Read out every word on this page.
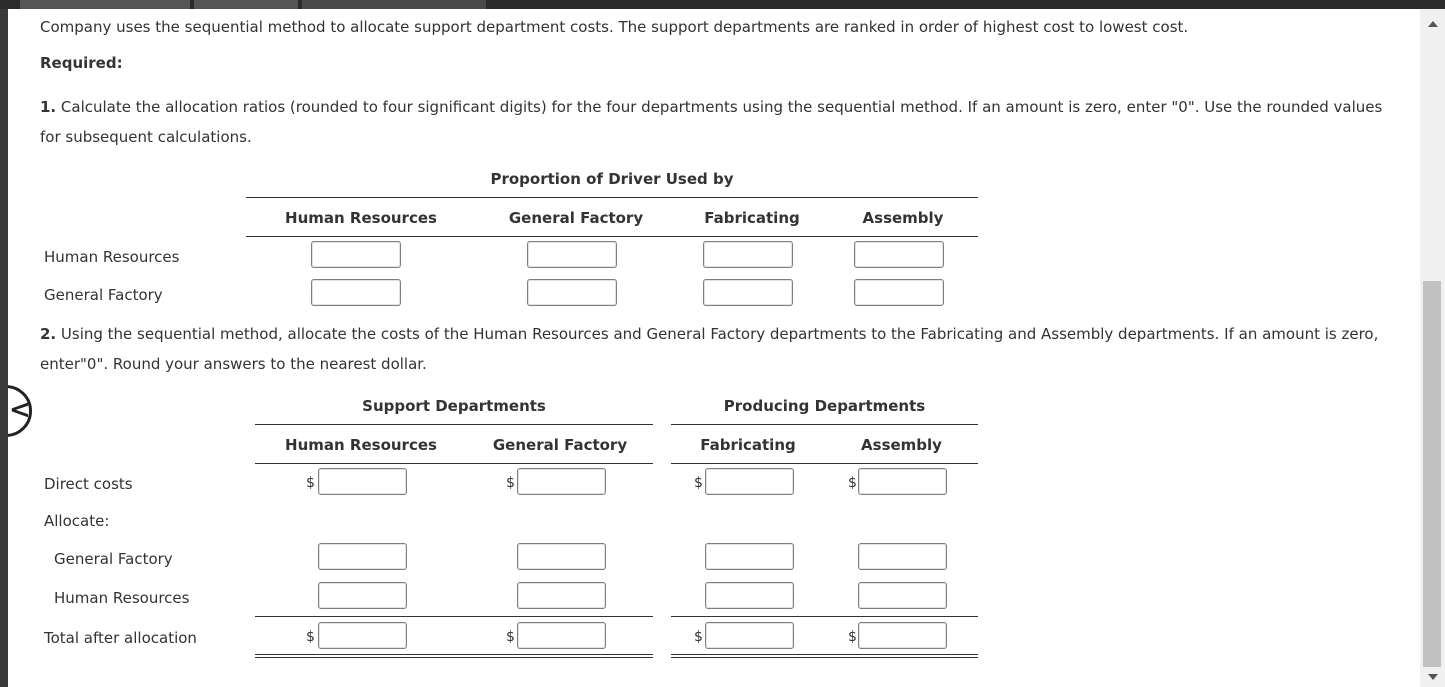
Company uses the sequential method to allocate support department costs. The support departments are ranked in order of highest cost to lowest cost.
Required:
1. Calculate the allocation ratios (rounded to four significant digits) for the four departments using the sequential method. If an amount is zero, enter "0". Use the rounded values
for subsequent calculations.
Proportion of Driver Used by
Human Resources	General Factory	Fabricating	Assembly
Human Resources
General Factory
2. Using the sequential method, allocate the costs of the Human Resources and General Factory departments to the Fabricating and Assembly departments. If an amount is zero,
enter"0". Round your answers to the nearest dollar.
Support Departments	Producing Departments
Human Resources	General Factory	Fabricating	Assembly
Direct costs	$	$	$	$
Allocate:
General Factory
Human Resources
Total after allocation	$	$	$	$
<
